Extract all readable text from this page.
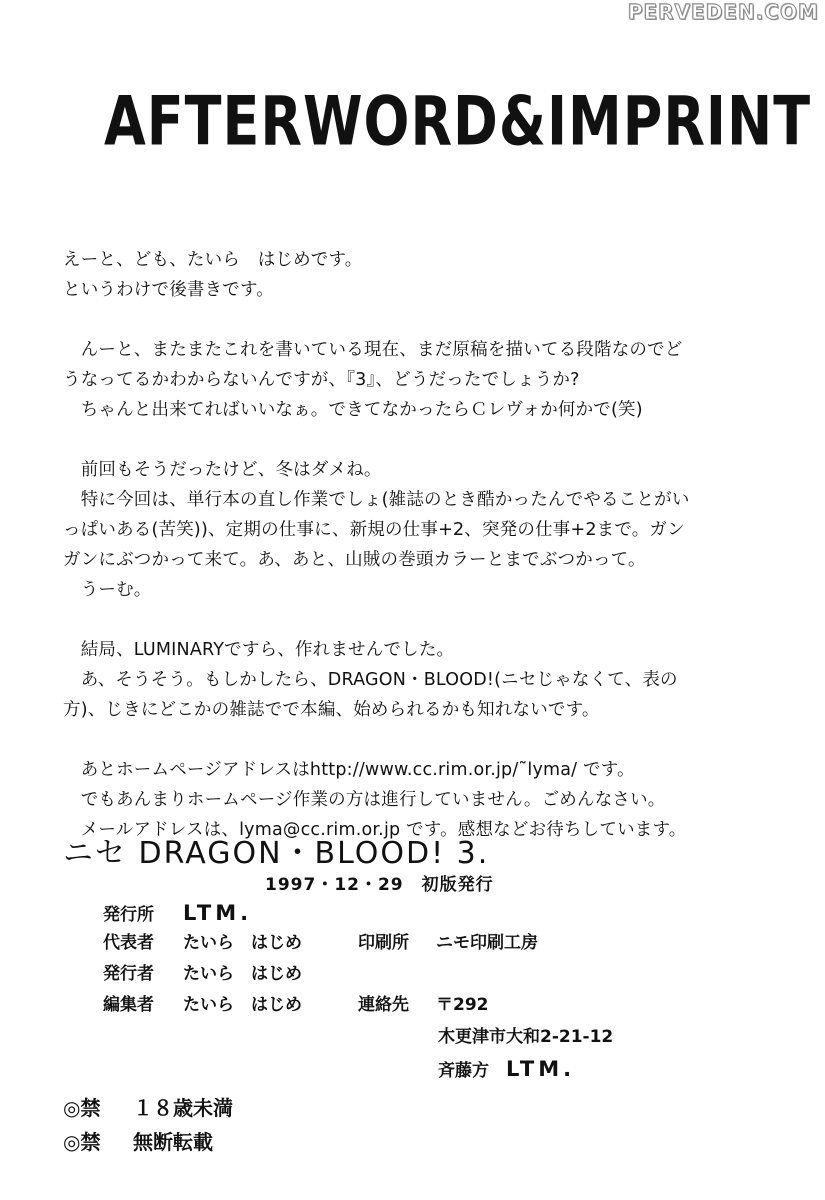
PERVEDEN.COM
AFTERWORD&IMPRINT
えーと、ども、たいら　はじめです。
というわけで後書きです。
　んーと、またまたこれを書いている現在、まだ原稿を描いてる段階なのでど
うなってるかわからないんですが、『3』、どうだったでしょうか?
　ちゃんと出来てればいいなぁ。できてなかったらＣレヴォか何かで(笑)
　前回もそうだったけど、冬はダメね。
　特に今回は、単行本の直し作業でしょ(雑誌のとき酷かったんでやることがい
っぱいある(苦笑))、定期の仕事に、新規の仕事+2、突発の仕事+2まで。ガン
ガンにぶつかって来て。あ、あと、山賊の巻頭カラーとまでぶつかって。
　うーむ。
　結局、LUMINARYですら、作れませんでした。
　あ、そうそう。もしかしたら、DRAGON・BLOOD!(ニセじゃなくて、表の
方)、じきにどこかの雑誌でで本編、始められるかも知れないです。
　あとホームページアドレスはhttp://www.cc.rim.or.jp/˜lyma/ です。
　でもあんまりホームページ作業の方は進行していません。ごめんなさい。
　メールアドレスは、lyma@cc.rim.or.jp です。感想などお待ちしています。
ニセ DRAGON・BLOOD! 3.
1997・12・29　初版発行
発行所 LTM.
代表者 たいら　はじめ	印刷所 ニモ印刷工房
発行者 たいら　はじめ
編集者 たいら　はじめ	連絡先 〒292
木更津市大和2-21-12
斉藤方　 LTM.
◎禁 １８歳未満
◎禁 無断転載
